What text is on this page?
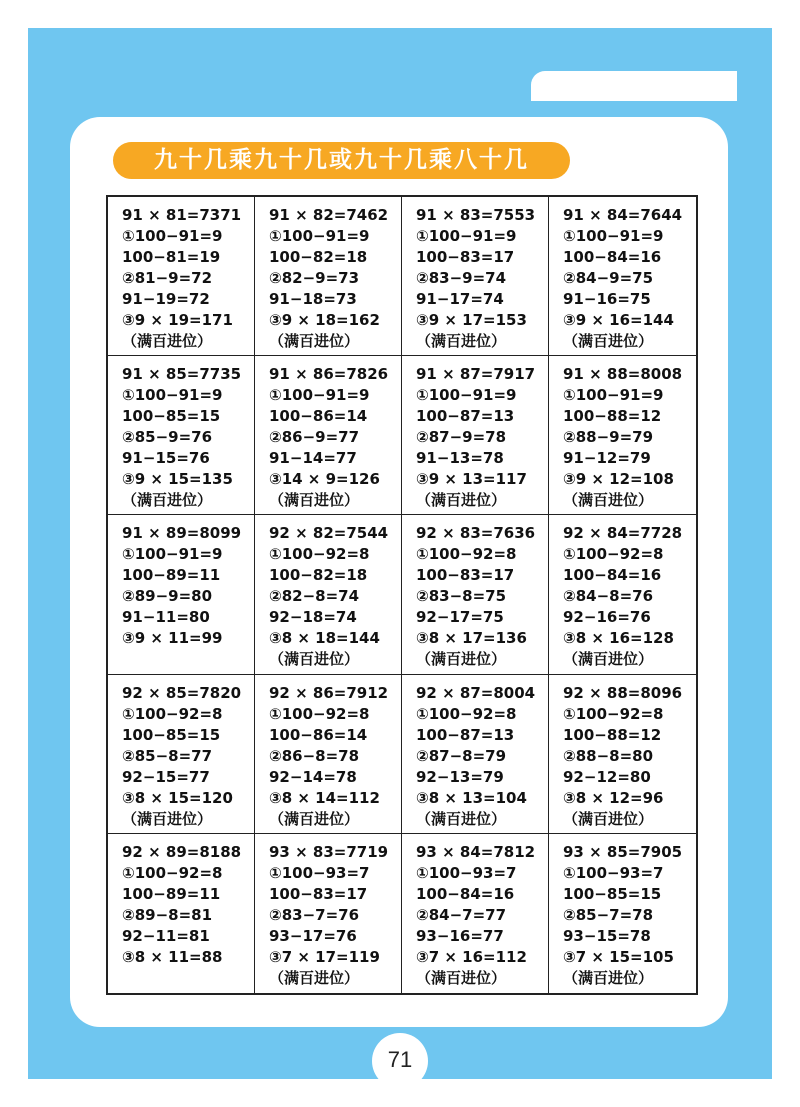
九十几乘九十几或九十几乘八十几
91 × 81=7371
①100−91=9
100−81=19
②81−9=72
91−19=72
③9 × 19=171
（满百进位）
91 × 82=7462
①100−91=9
100−82=18
②82−9=73
91−18=73
③9 × 18=162
（满百进位）
91 × 83=7553
①100−91=9
100−83=17
②83−9=74
91−17=74
③9 × 17=153
（满百进位）
91 × 84=7644
①100−91=9
100−84=16
②84−9=75
91−16=75
③9 × 16=144
（满百进位）
91 × 85=7735
①100−91=9
100−85=15
②85−9=76
91−15=76
③9 × 15=135
（满百进位）
91 × 86=7826
①100−91=9
100−86=14
②86−9=77
91−14=77
③14 × 9=126
（满百进位）
91 × 87=7917
①100−91=9
100−87=13
②87−9=78
91−13=78
③9 × 13=117
（满百进位）
91 × 88=8008
①100−91=9
100−88=12
②88−9=79
91−12=79
③9 × 12=108
（满百进位）
91 × 89=8099
①100−91=9
100−89=11
②89−9=80
91−11=80
③9 × 11=99
92 × 82=7544
①100−92=8
100−82=18
②82−8=74
92−18=74
③8 × 18=144
（满百进位）
92 × 83=7636
①100−92=8
100−83=17
②83−8=75
92−17=75
③8 × 17=136
（满百进位）
92 × 84=7728
①100−92=8
100−84=16
②84−8=76
92−16=76
③8 × 16=128
（满百进位）
92 × 85=7820
①100−92=8
100−85=15
②85−8=77
92−15=77
③8 × 15=120
（满百进位）
92 × 86=7912
①100−92=8
100−86=14
②86−8=78
92−14=78
③8 × 14=112
（满百进位）
92 × 87=8004
①100−92=8
100−87=13
②87−8=79
92−13=79
③8 × 13=104
（满百进位）
92 × 88=8096
①100−92=8
100−88=12
②88−8=80
92−12=80
③8 × 12=96
（满百进位）
92 × 89=8188
①100−92=8
100−89=11
②89−8=81
92−11=81
③8 × 11=88
93 × 83=7719
①100−93=7
100−83=17
②83−7=76
93−17=76
③7 × 17=119
（满百进位）
93 × 84=7812
①100−93=7
100−84=16
②84−7=77
93−16=77
③7 × 16=112
（满百进位）
93 × 85=7905
①100−93=7
100−85=15
②85−7=78
93−15=78
③7 × 15=105
（满百进位）
71
